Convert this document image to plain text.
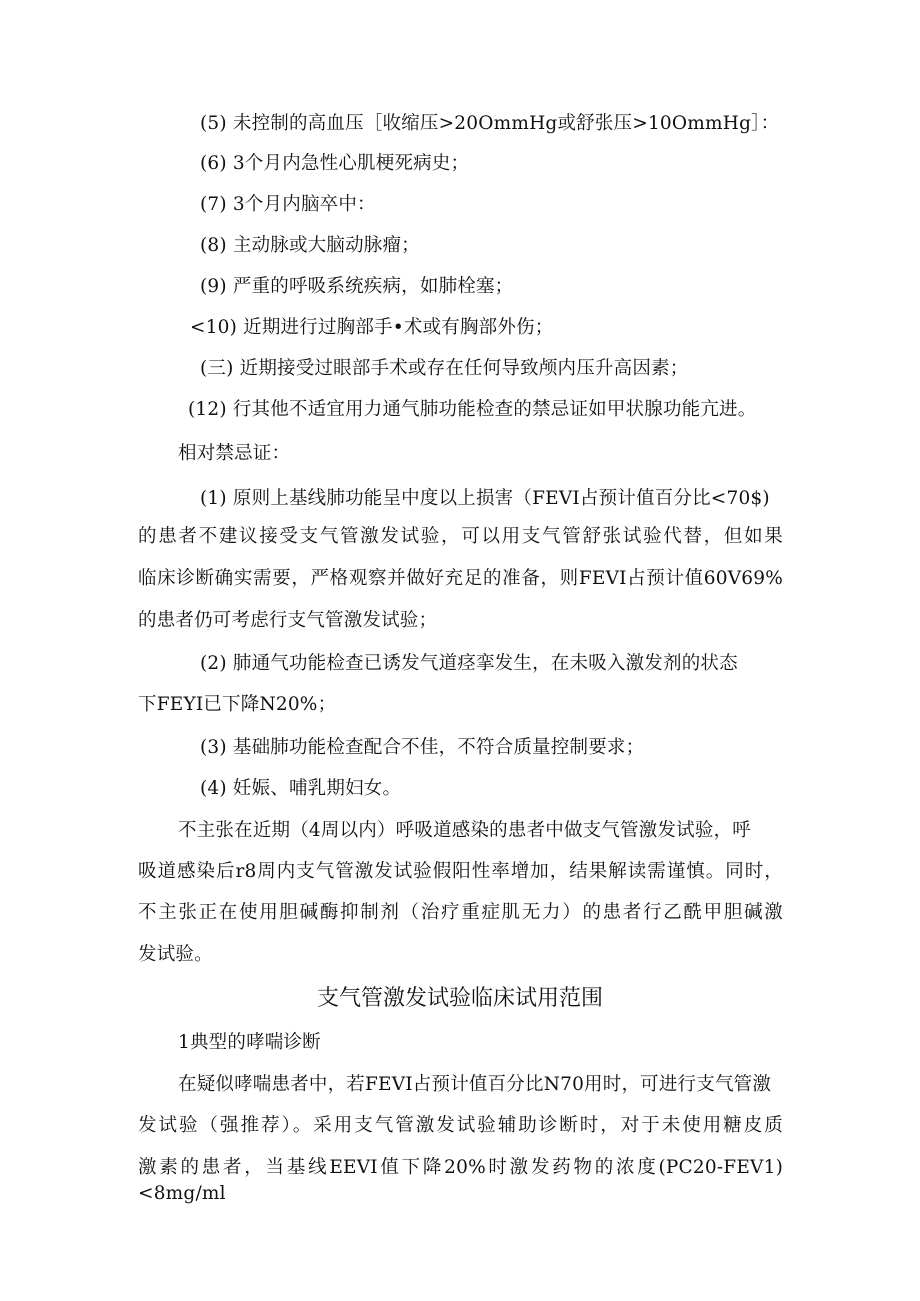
(5) 未控制的高血压［收缩压>20OmmHg或舒张压>10OmmHg］：
(6) 3个月内急性心肌梗死病史；
(7) 3个月内脑卒中：
(8) 主动脉或大脑动脉瘤；
(9) 严重的呼吸系统疾病，如肺栓塞；
<10) 近期进行过胸部手•术或有胸部外伤；
(三) 近期接受过眼部手术或存在任何导致颅内压升高因素；
(12) 行其他不适宜用力通气肺功能检查的禁忌证如甲状腺功能亢进。
相对禁忌证：
(1) 原则上基线肺功能呈中度以上损害（FEVI占预计值百分比<70$)
的患者不建议接受支气管激发试验，可以用支气管舒张试验代替，但如果
临床诊断确实需要，严格观察并做好充足的准备，则FEVI占预计值60V69%
的患者仍可考虑行支气管激发试验；
(2) 肺通气功能检查已诱发气道痉挛发生，在未吸入激发剂的状态
下FEYI已下降N20%；
(3) 基础肺功能检查配合不佳，不符合质量控制要求；
(4) 妊娠、哺乳期妇女。
不主张在近期（4周以内）呼吸道感染的患者中做支气管激发试验，呼
吸道感染后r8周内支气管激发试验假阳性率增加，结果解读需谨慎。同时，
不主张正在使用胆碱酶抑制剂（治疗重症肌无力）的患者行乙酰甲胆碱激
发试验。
支气管激发试验临床试用范围
1典型的哮喘诊断
在疑似哮喘患者中，若FEVI占预计值百分比N70用时，可进行支气管激
发试验（强推荐）。采用支气管激发试验辅助诊断时，对于未使用糖皮质
激素的患者，当基线EEVI值下降20%时激发药物的浓度(PC20-FEV1)<8mg∕ml
